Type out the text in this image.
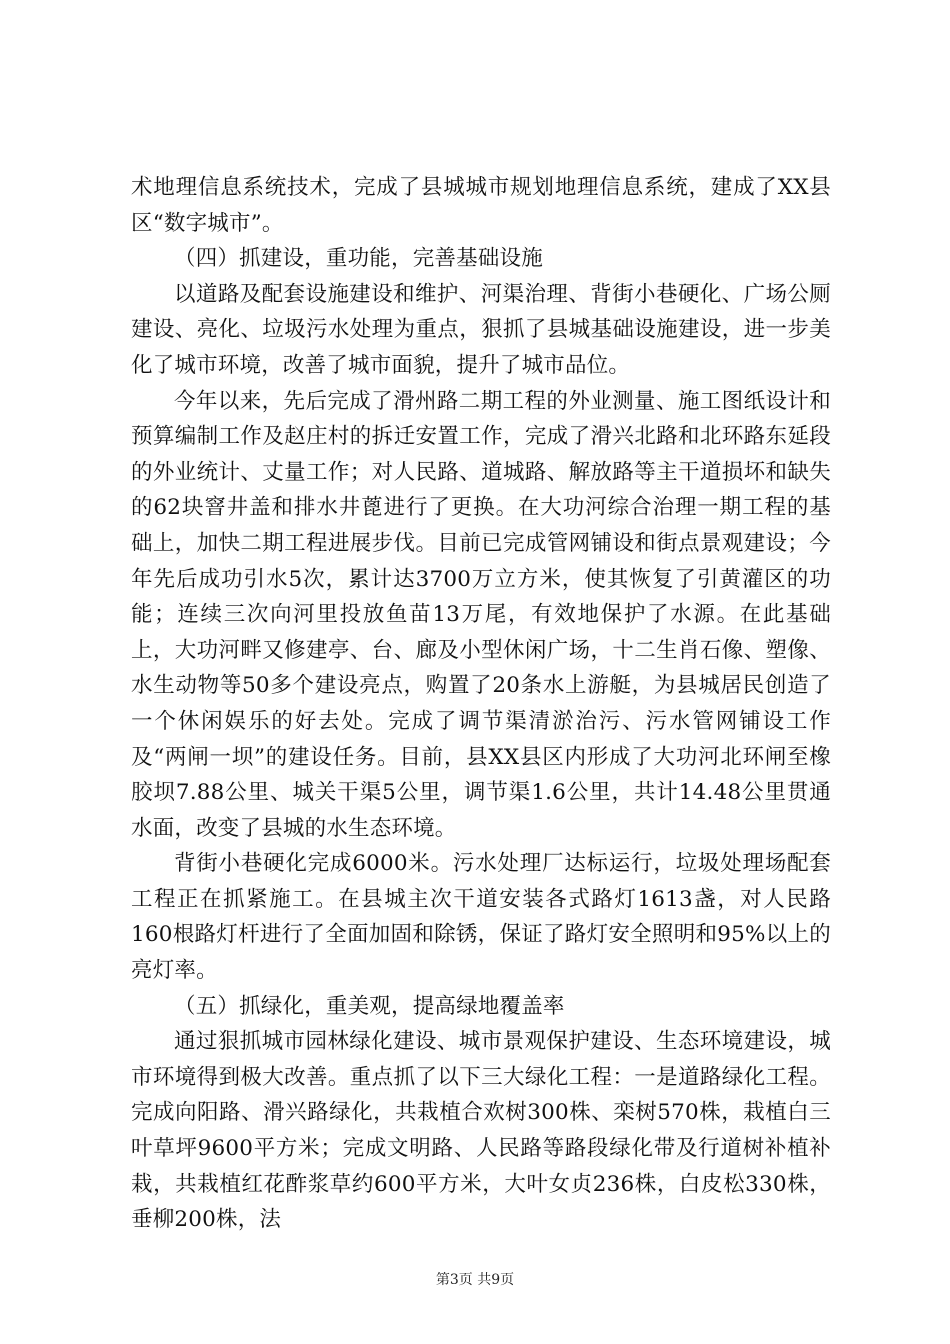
术地理信息系统技术，完成了县城城市规划地理信息系统，建成了XX县区“数字城市”。

（四）抓建设，重功能，完善基础设施

以道路及配套设施建设和维护、河渠治理、背街小巷硬化、广场公厕建设、亮化、垃圾污水处理为重点，狠抓了县城基础设施建设，进一步美化了城市环境，改善了城市面貌，提升了城市品位。

今年以来，先后完成了滑州路二期工程的外业测量、施工图纸设计和预算编制工作及赵庄村的拆迁安置工作，完成了滑兴北路和北环路东延段的外业统计、丈量工作；对人民路、道城路、解放路等主干道损坏和缺失的62块窨井盖和排水井蓖进行了更换。在大功河综合治理一期工程的基础上，加快二期工程进展步伐。目前已完成管网铺设和街点景观建设；今年先后成功引水5次，累计达3700万立方米，使其恢复了引黄灌区的功能；连续三次向河里投放鱼苗13万尾，有效地保护了水源。在此基础上，大功河畔又修建亭、台、廊及小型休闲广场，十二生肖石像、塑像、水生动物等50多个建设亮点，购置了20条水上游艇，为县城居民创造了一个休闲娱乐的好去处。完成了调节渠清淤治污、污水管网铺设工作及“两闸一坝”的建设任务。目前，县XX县区内形成了大功河北环闸至橡胶坝7.88公里、城关干渠5公里，调节渠1.6公里，共计14.48公里贯通水面，改变了县城的水生态环境。

背街小巷硬化完成6000米。污水处理厂达标运行，垃圾处理场配套工程正在抓紧施工。在县城主次干道安装各式路灯1613盏，对人民路160根路灯杆进行了全面加固和除锈，保证了路灯安全照明和95%以上的亮灯率。

（五）抓绿化，重美观，提高绿地覆盖率

通过狠抓城市园林绿化建设、城市景观保护建设、生态环境建设，城市环境得到极大改善。重点抓了以下三大绿化工程：一是道路绿化工程。完成向阳路、滑兴路绿化，共栽植合欢树300株、栾树570株，栽植白三叶草坪9600平方米；完成文明路、人民路等路段绿化带及行道树补植补栽，共栽植红花酢浆草约600平方米，大叶女贞236株，白皮松330株，垂柳200株，法

第3页 共9页
